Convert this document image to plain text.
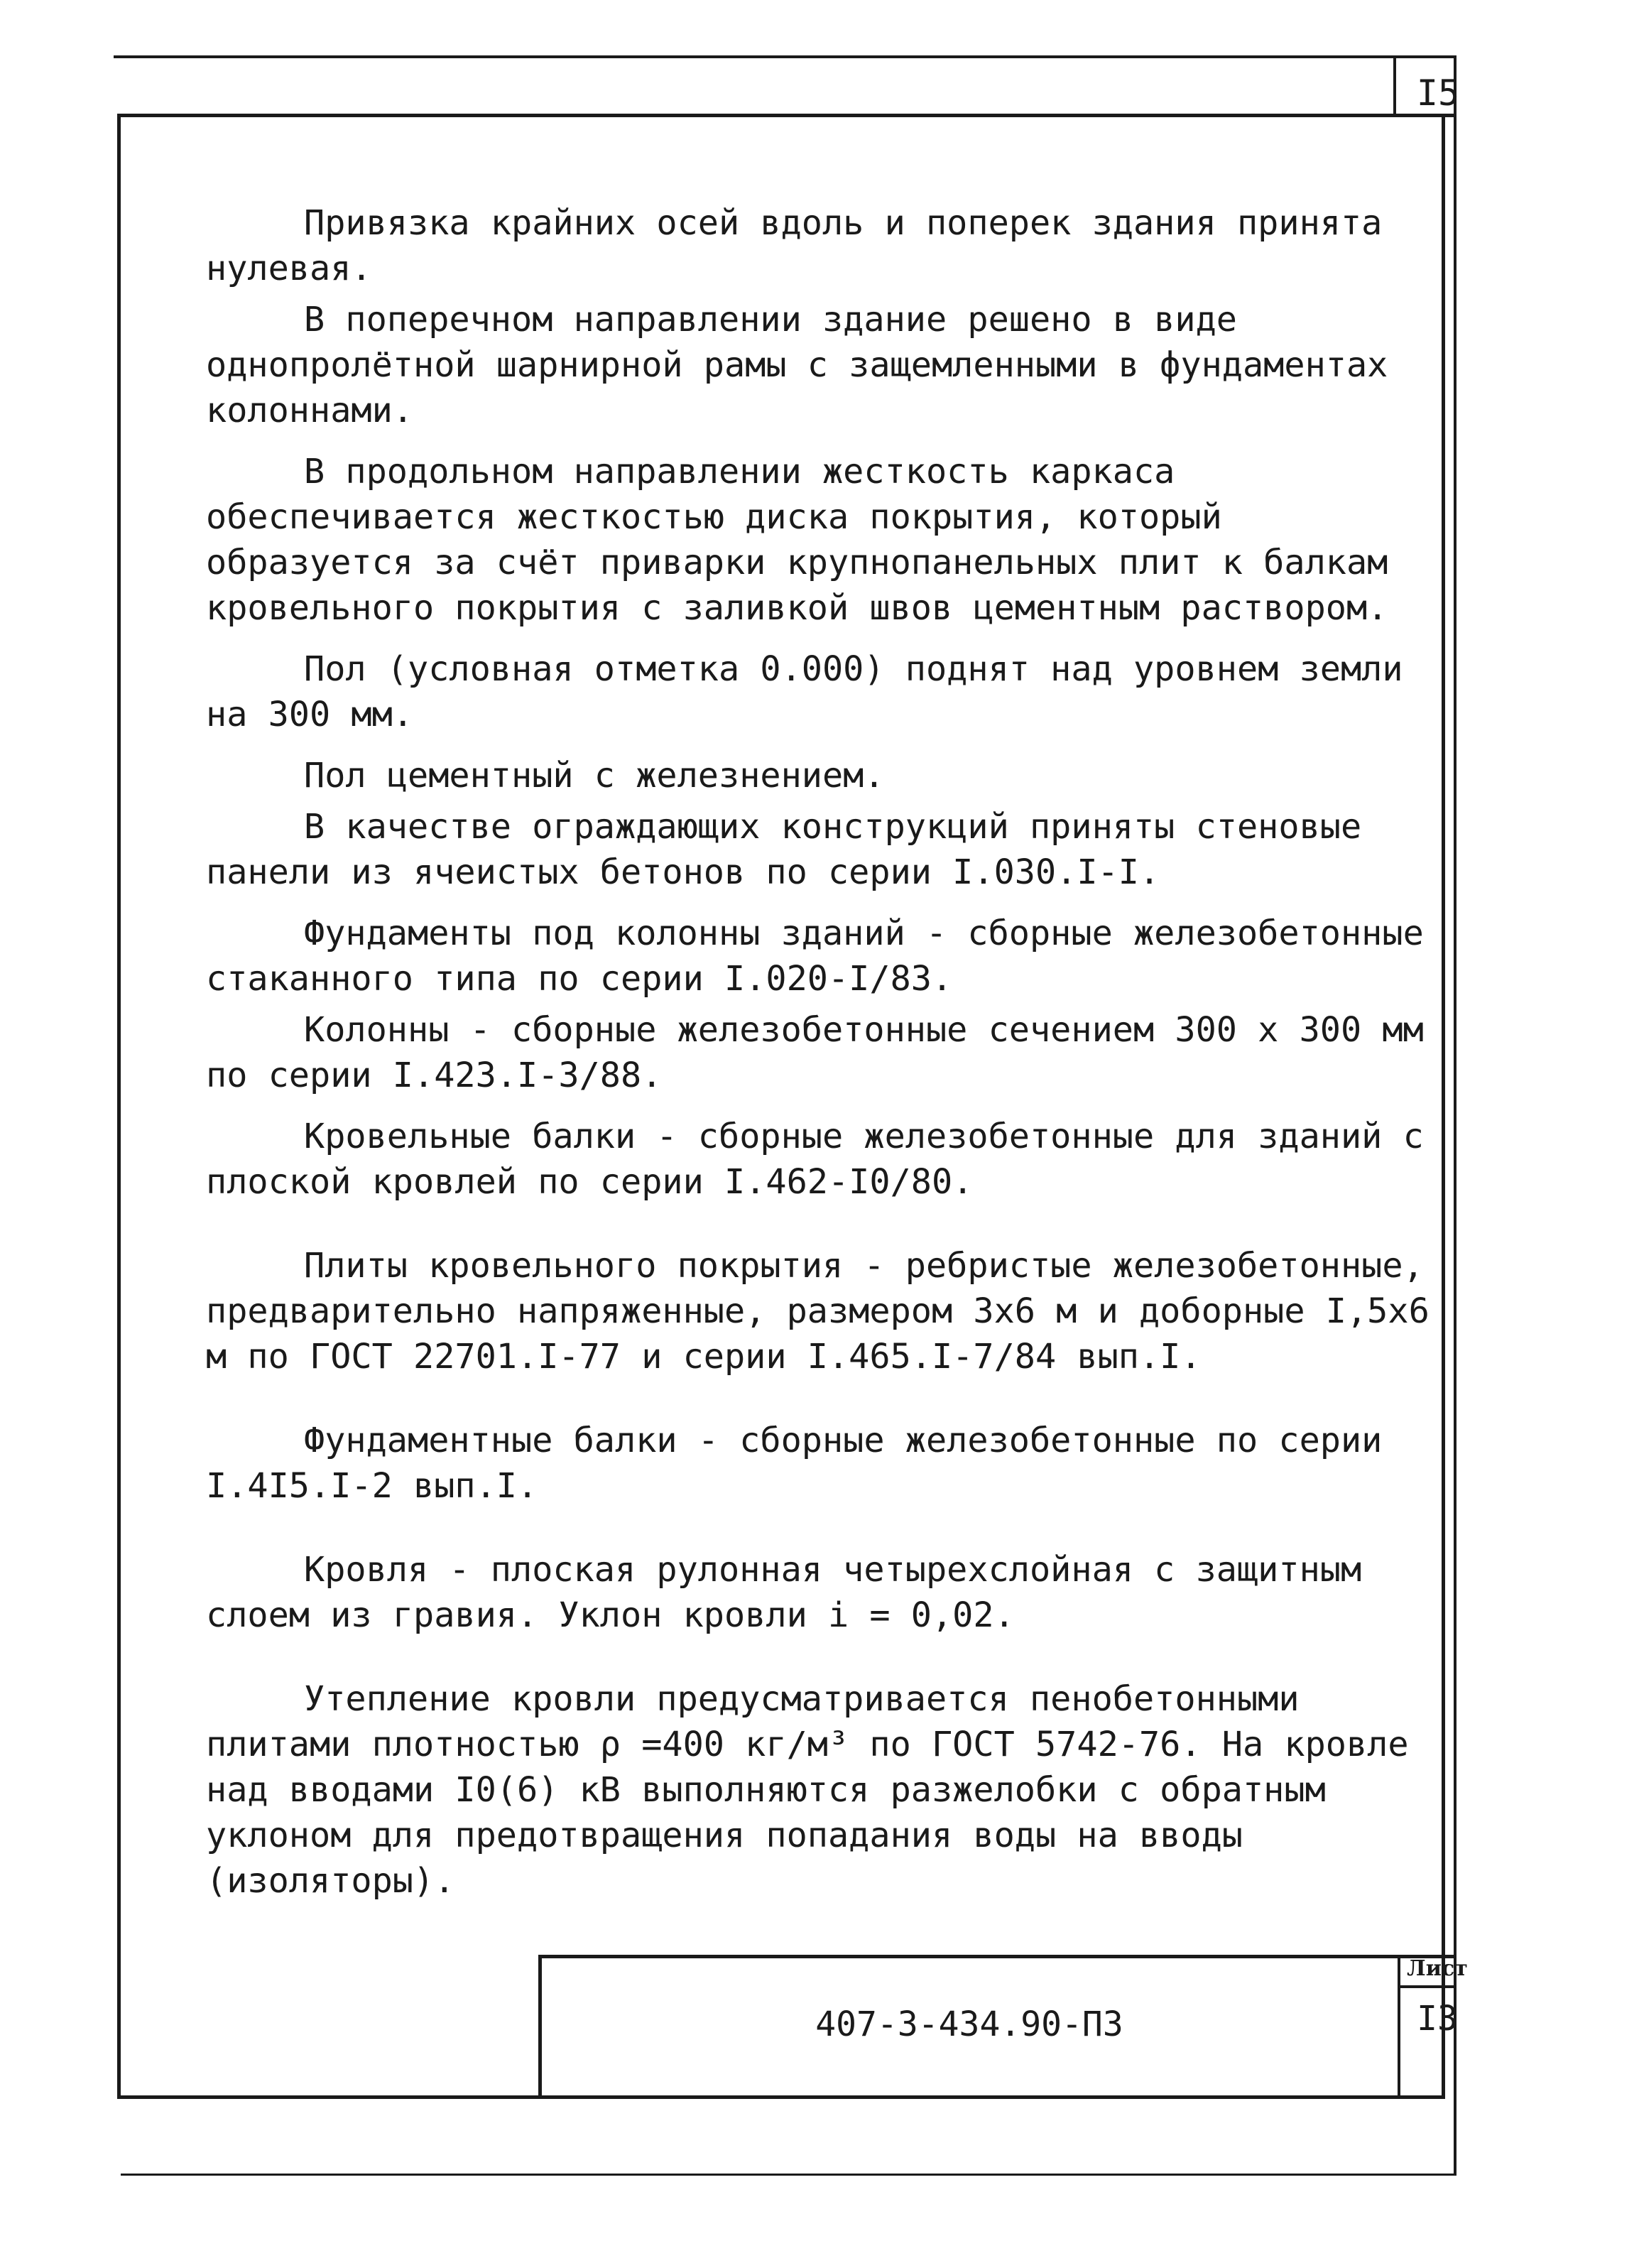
I5

Привязка крайних осей вдоль и поперек здания принята нулевая.

В поперечном направлении здание решено в виде однопролётной шарнирной рамы с защемленными в фундаментах колоннами.

В продольном направлении жесткость каркаса обеспечивается жесткостью диска покрытия, который образуется за счёт приварки крупнопанельных плит к балкам кровельного покрытия с заливкой швов цементным раствором.

Пол (условная отметка 0.000) поднят над уровнем земли на 300 мм.

Пол цементный с железнением.

В качестве ограждающих конструкций приняты стеновые панели из ячеистых бетонов по серии I.030.I-I.

Фундаменты под колонны зданий - сборные железобетонные стаканного типа по серии I.020-I/83.

Колонны - сборные железобетонные сечением 300 х 300 мм по серии I.423.I-3/88.

Кровельные балки - сборные железобетонные для зданий с плоской кровлей по серии I.462-I0/80.

Плиты кровельного покрытия - ребристые железобетонные, предварительно напряженные, размером 3х6 м и доборные I,5х6 м по ГОСТ 22701.I-77 и серии I.465.I-7/84 вып.I.

Фундаментные балки - сборные железобетонные по серии I.4I5.I-2 вып.I.

Кровля - плоская рулонная четырехслойная с защитным слоем из гравия. Уклон кровли i = 0,02.

Утепление кровли предусматривается пенобетонными плитами плотностью ρ =400 кг/м³ по ГОСТ 5742-76. На кровле над вводами I0(6) кВ выполняются разжелобки с обратным уклоном для предотвращения попадания воды на вводы (изоляторы).

407-3-434.90-ПЗ
Лист
I3
